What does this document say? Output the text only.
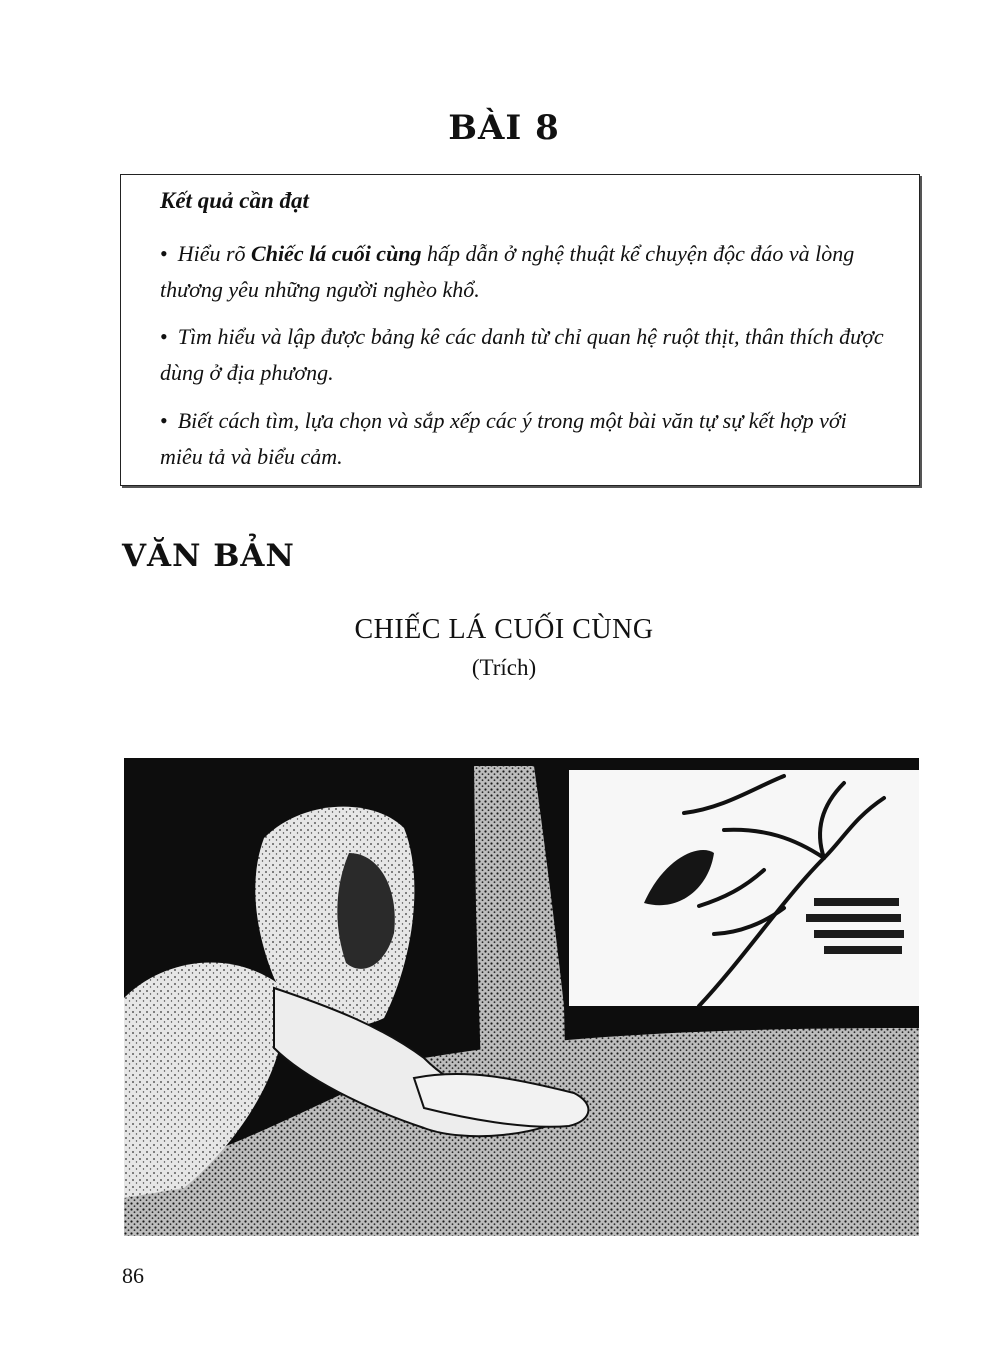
BÀI 8
Kết quả cần đạt
• Hiểu rõ Chiếc lá cuối cùng hấp dẫn ở nghệ thuật kể chuyện độc đáo và lòng thương yêu những người nghèo khổ.
• Tìm hiểu và lập được bảng kê các danh từ chỉ quan hệ ruột thịt, thân thích được dùng ở địa phương.
• Biết cách tìm, lựa chọn và sắp xếp các ý trong một bài văn tự sự kết hợp với miêu tả và biểu cảm.
VĂN BẢN
CHIẾC LÁ CUỐI CÙNG
(Trích)
86
